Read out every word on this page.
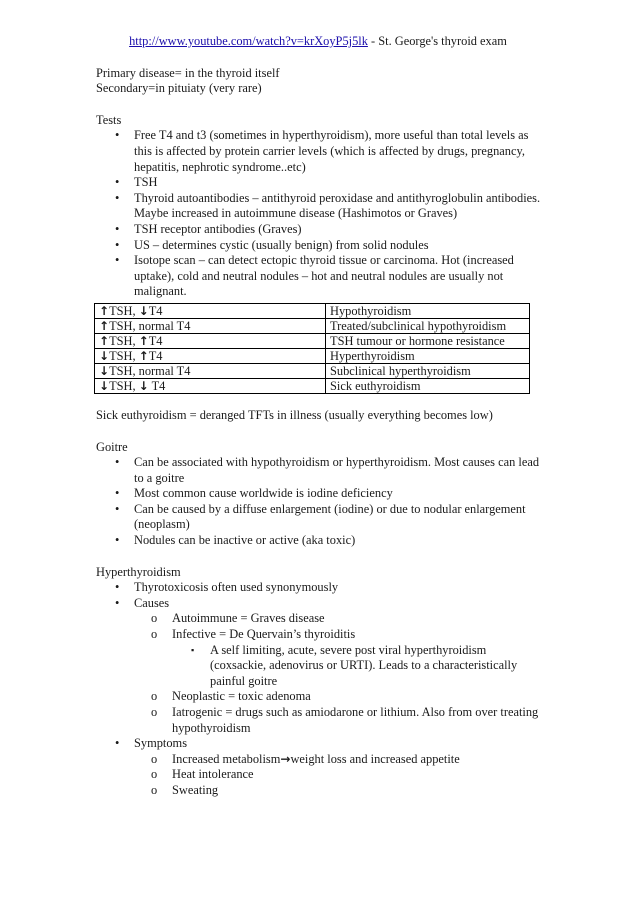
http://www.youtube.com/watch?v=krXoyP5j5lk - St. George's thyroid exam

Primary disease= in the thyroid itself

Secondary=in pituiaty (very rare)

Tests

• Free T4 and t3 (sometimes in hyperthyroidism), more useful than total levels as this is affected by protein carrier levels (which is affected by drugs, pregnancy, hepatitis, nephrotic syndrome..etc)
• TSH
• Thyroid autoantibodies – antithyroid peroxidase and antithyroglobulin antibodies. Maybe increased in autoimmune disease (Hashimotos or Graves)
• TSH receptor antibodies (Graves)
• US – determines cystic (usually benign) from solid nodules
• Isotope scan – can detect ectopic thyroid tissue or carcinoma. Hot (increased uptake), cold and neutral nodules – hot and neutral nodules are usually not malignant.
↑TSH, ↓T4	Hypothyroidism
↑TSH, normal T4	Treated/subclinical hypothyroidism
↑TSH, ↑T4	TSH tumour or hormone resistance
↓TSH, ↑T4	Hyperthyroidism
↓TSH, normal T4	Subclinical hyperthyroidism
↓TSH, ↓ T4	Sick euthyroidism

Sick euthyroidism = deranged TFTs in illness (usually everything becomes low)

Goitre

• Can be associated with hypothyroidism or hyperthyroidism. Most causes can lead to a goitre
• Most common cause worldwide is iodine deficiency
• Can be caused by a diffuse enlargement (iodine) or due to nodular enlargement (neoplasm)
• Nodules can be inactive or active (aka toxic)

Hyperthyroidism

• Thyrotoxicosis often used synonymously
• Causes
o Autoimmune = Graves disease
o Infective = De Quervain’s thyroiditis
▪ A self limiting, acute, severe post viral hyperthyroidism (coxsackie, adenovirus or URTI). Leads to a characteristically painful goitre
o Neoplastic = toxic adenoma
o Iatrogenic = drugs such as amiodarone or lithium. Also from over treating hypothyroidism
• Symptoms
o Increased metabolism→weight loss and increased appetite
o Heat intolerance
o Sweating
